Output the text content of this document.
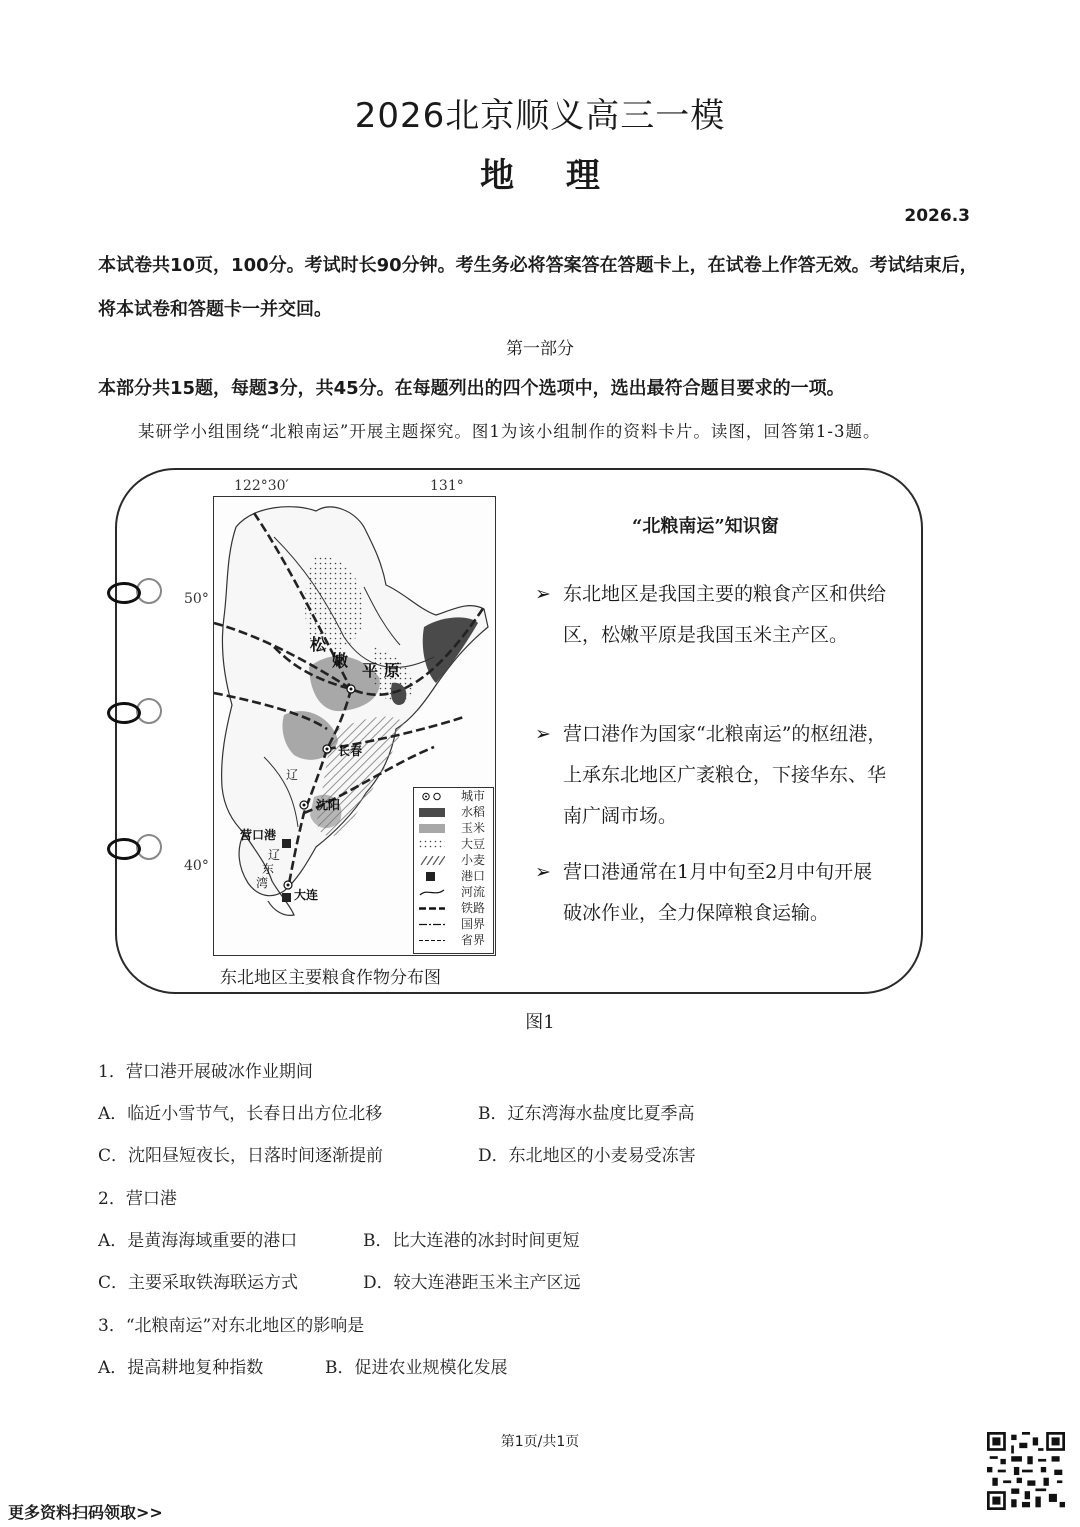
2026北京顺义高三一模
地 理
2026.3
本试卷共10页，100分。考试时长90分钟。考生务必将答案答在答题卡上，在试卷上作答无效。考试结束后，将本试卷和答题卡一并交回。
第一部分
本部分共15题，每题3分，共45分。在每题列出的四个选项中，选出最符合题目要求的一项。
某研学小组围绕“北粮南运”开展主题探究。图1为该小组制作的资料卡片。读图，回答第1-3题。
122°30′	131°
50°
40°
松
嫩
平 原
长春
沈阳
营口港
大连
辽
东
湾
辽
城市
水稻
玉米
大豆
小麦
港口
河流
铁路
国界
省界
东北地区主要粮食作物分布图
“北粮南运”知识窗
➢ 东北地区是我国主要的粮食产区和供给区，松嫩平原是我国玉米主产区。
➢ 营口港作为国家“北粮南运”的枢纽港，上承东北地区广袤粮仓，下接华东、华南广阔市场。
➢ 营口港通常在1月中旬至2月中旬开展破冰作业，全力保障粮食运输。
图1
1．营口港开展破冰作业期间
A．临近小雪节气，长春日出方位北移	B．辽东湾海水盐度比夏季高
C．沈阳昼短夜长，日落时间逐渐提前	D．东北地区的小麦易受冻害
2．营口港
A．是黄海海域重要的港口	B．比大连港的冰封时间更短
C．主要采取铁海联运方式	D．较大连港距玉米主产区远
3．“北粮南运”对东北地区的影响是
A．提高耕地复种指数	B．促进农业规模化发展
第1页/共1页
更多资料扫码领取>>
